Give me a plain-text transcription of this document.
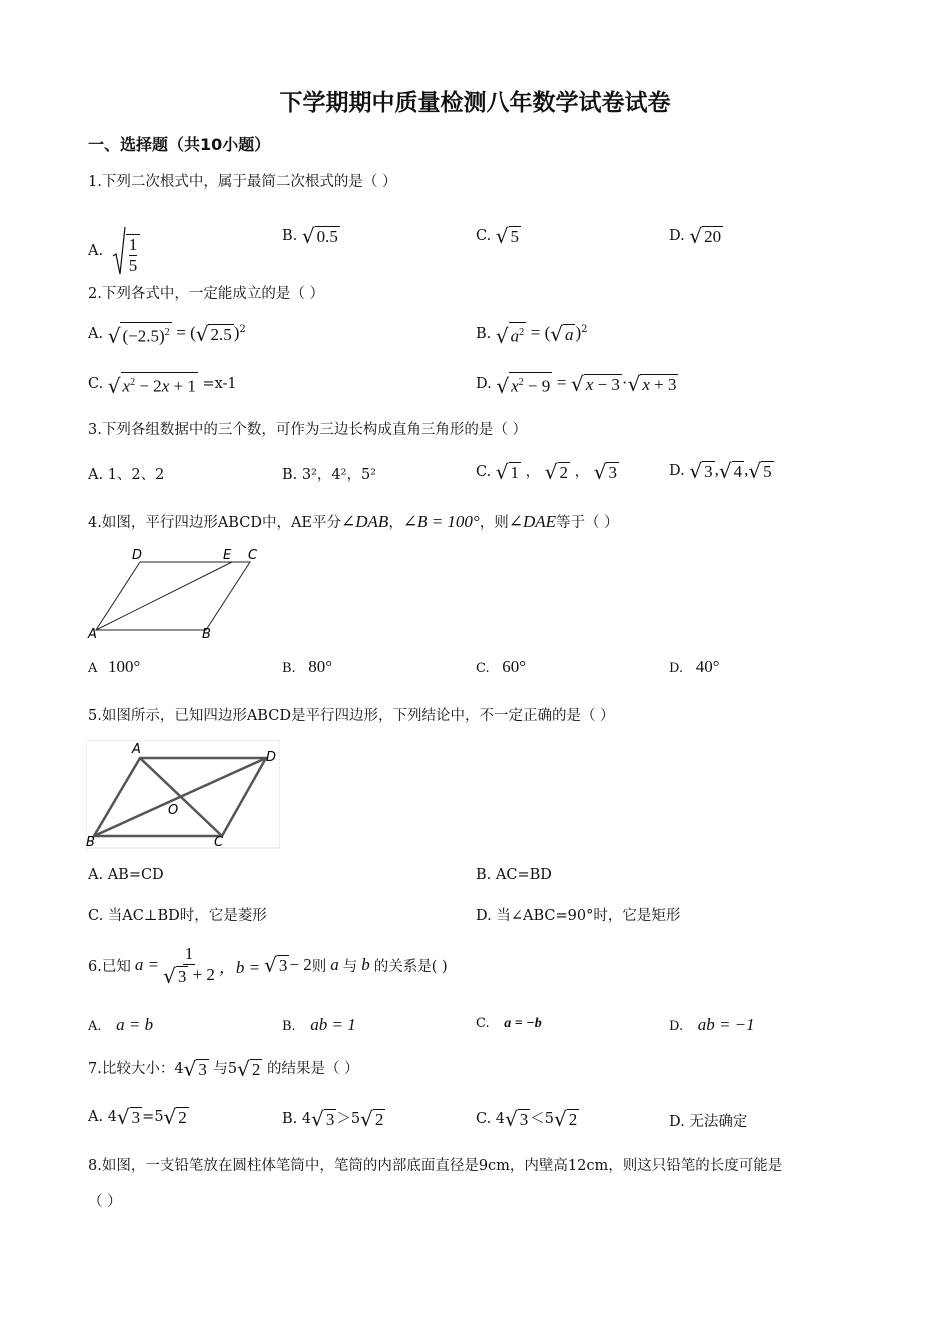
下学期期中质量检测八年数学试卷试卷
一、选择题（共10小题）
1.下列二次根式中，属于最简二次根式的是（ ）
A. $\frac{1}{5}$	B. √ 0.5	C. √ 5	D. √ 20
2.下列各式中，一定能成立的是（ ）
A. √ $(-2.5)^2$ = ( √ 2.5 )$^2$	B. √ $a^2$ = ( √ a )$^2$
C. √ $x^2 - 2x + 1 =x-1$	D. √ $x^2 - 9$ = √ x − 3 · √ x + 3
3.下列各组数据中的三个数，可作为三边长构成直角三角形的是（ ）
A. 1、2、2	B. 3²，4²，5²	C. √ 1 ， √ 2 ， √ 3	D. √ 3 , √ 4 , √ 5
4.如图，平行四边形ABCD中，AE平分∠DAB，∠B = 100°，则∠DAE等于（ ）
D	E C
A	B
A 100°	B. 80°	C. 60°	D. 40°
5.如图所示，已知四边形ABCD是平行四边形，下列结论中，不一定正确的是（ ）
A
D
O
B	C
A. AB=CD	B. AC=BD
C. 当AC⊥BD时，它是菱形	D. 当∠ABC=90°时，它是矩形
6.已知 $a = \frac{1}{√ 3 + 2}$ ，b = √ 3 − 2 则 a 与 b 的关系是( )
A. a = b	B. ab = 1	C. a = −b	D. ab = −1
7.比较大小：4 √ 3 与5 √ 2 的结果是（ ）
A. 4 √ 3 =5 √ 2	B. 4 √ 3 ＞5 √ 2	C. 4 √ 3 ＜5 √ 2	D. 无法确定
8.如图，一支铅笔放在圆柱体笔筒中，笔筒的内部底面直径是9cm，内壁高12cm，则这只铅笔的长度可能是
（ ）
